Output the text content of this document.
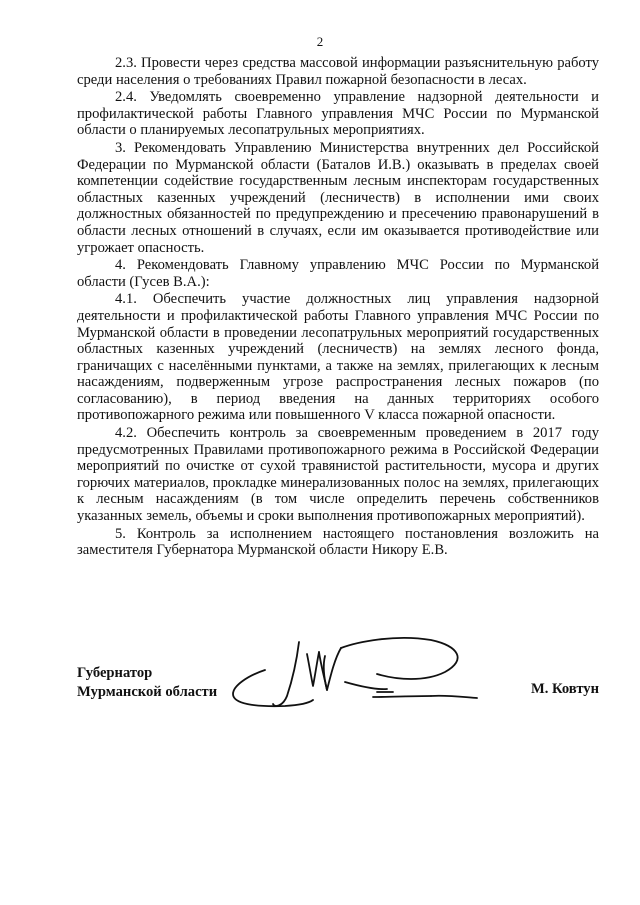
2

2.3. Провести через средства массовой информации разъяснительную работу среди населения о требованиях Правил пожарной безопасности в лесах.

2.4. Уведомлять своевременно управление надзорной деятельности и профилактической работы Главного управления МЧС России по Мурманской области о планируемых лесопатрульных мероприятиях.

3. Рекомендовать Управлению Министерства внутренних дел Российской Федерации по Мурманской области (Баталов И.В.) оказывать в пределах своей компетенции содействие государственным лесным инспекторам государственных областных казенных учреждений (лесничеств) в исполнении ими своих должностных обязанностей по предупреждению и пресечению правонарушений в области лесных отношений в случаях, если им оказывается противодействие или угрожает опасность.

4. Рекомендовать Главному управлению МЧС России по Мурманской области (Гусев В.А.):

4.1. Обеспечить участие должностных лиц управления надзорной деятельности и профилактической работы Главного управления МЧС России по Мурманской области в проведении лесопатрульных мероприятий государственных областных казенных учреждений (лесничеств) на землях лесного фонда, граничащих с населёнными пунктами, а также на землях, прилегающих к лесным насаждениям, подверженным угрозе распространения лесных пожаров (по согласованию), в период введения на данных территориях особого противопожарного режима или повышенного V класса пожарной опасности.

4.2. Обеспечить контроль за своевременным проведением в 2017 году предусмотренных Правилами противопожарного режима в Российской Федерации мероприятий по очистке от сухой травянистой растительности, мусора и других горючих материалов, прокладке минерализованных полос на землях, прилегающих к лесным насаждениям (в том числе определить перечень собственников указанных земель, объемы и сроки выполнения противопожарных мероприятий).

5. Контроль за исполнением настоящего постановления возложить на заместителя Губернатора Мурманской области Никору Е.В.

Губернатор
Мурманской области	М. Ковтун
